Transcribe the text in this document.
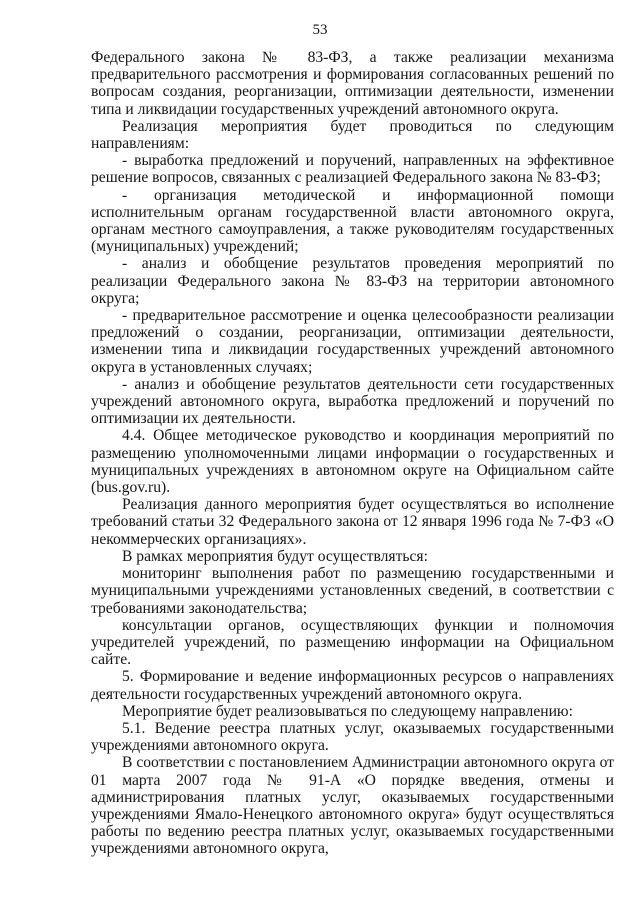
53

Федерального закона № 83-ФЗ, а также реализации механизма предварительного рассмотрения и формирования согласованных решений по вопросам создания, реорганизации, оптимизации деятельности, изменении типа и ликвидации государственных учреждений автономного округа.

Реализация мероприятия будет проводиться по следующим направлениям:

- выработка предложений и поручений, направленных на эффективное решение вопросов, связанных с реализацией Федерального закона № 83-ФЗ;

- организация методической и информационной помощи исполнительным органам государственной власти автономного округа, органам местного самоуправления, а также руководителям государственных (муниципальных) учреждений;

- анализ и обобщение результатов проведения мероприятий по реализации Федерального закона № 83-ФЗ на территории автономного округа;

- предварительное рассмотрение и оценка целесообразности реализации предложений о создании, реорганизации, оптимизации деятельности, изменении типа и ликвидации государственных учреждений автономного округа в установленных случаях;

- анализ и обобщение результатов деятельности сети государственных учреждений автономного округа, выработка предложений и поручений по оптимизации их деятельности.

4.4. Общее методическое руководство и координация мероприятий по размещению уполномоченными лицами информации о государственных и муниципальных учреждениях в автономном округе на Официальном сайте (bus.gov.ru).

Реализация данного мероприятия будет осуществляться во исполнение требований статьи 32 Федерального закона от 12 января 1996 года № 7-ФЗ «О некоммерческих организациях».

В рамках мероприятия будут осуществляться:

мониторинг выполнения работ по размещению государственными и муниципальными учреждениями установленных сведений, в соответствии с требованиями законодательства;

консультации органов, осуществляющих функции и полномочия учредителей учреждений, по размещению информации на Официальном сайте.

5. Формирование и ведение информационных ресурсов о направлениях деятельности государственных учреждений автономного округа.

Мероприятие будет реализовываться по следующему направлению:

5.1. Ведение реестра платных услуг, оказываемых государственными учреждениями автономного округа.

В соответствии с постановлением Администрации автономного округа от 01 марта 2007 года № 91-А «О порядке введения, отмены и администрирования платных услуг, оказываемых государственными учреждениями Ямало-Ненецкого автономного округа» будут осуществляться работы по ведению реестра платных услуг, оказываемых государственными учреждениями автономного округа,
